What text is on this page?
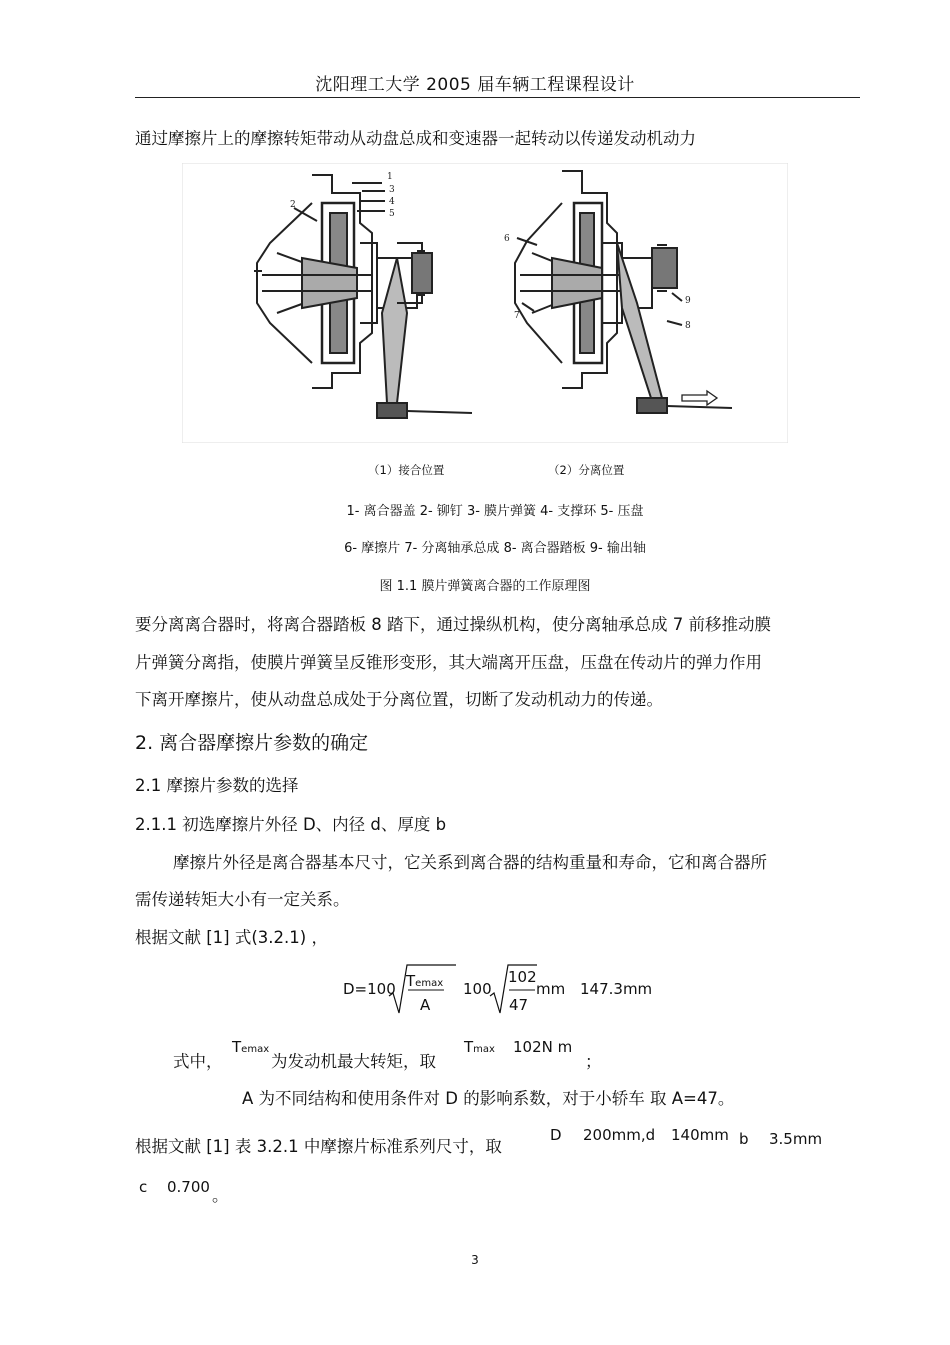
沈阳理工大学 2005 届车辆工程课程设计
通过摩擦片上的摩擦转矩带动从动盘总成和变速器一起转动以传递发动机动力
1
2
3
4
5
6
7
8
9
（1）接合位置	（2）分离位置
1- 离合器盖 2- 铆钉 3- 膜片弹簧 4- 支撑环 5- 压盘
6- 摩擦片 7- 分离轴承总成 8- 离合器踏板 9- 输出轴
图 1.1 膜片弹簧离合器的工作原理图
要分离离合器时，将离合器踏板 8 踏下，通过操纵机构，使分离轴承总成 7 前移推动膜
片弹簧分离指，使膜片弹簧呈反锥形变形，其大端离开压盘，压盘在传动片的弹力作用
下离开摩擦片，使从动盘总成处于分离位置，切断了发动机动力的传递。
2. 离合器摩擦片参数的确定
2.1 摩擦片参数的选择
2.1.1 初选摩擦片外径 D、内径 d、厚度 b
摩擦片外径是离合器基本尺寸，它关系到离合器的结构重量和寿命，它和离合器所
需传递转矩大小有一定关系。
根据文献 [1] 式(3.2.1) ，
D=100 Temax
A
100
102
47
mm 147.3mm
式中，
Temax
为发动机最大转矩，取
Tmax 102N m
；
A 为不同结构和使用条件对 D 的影响系数，对于小轿车 取 A=47。
根据文献 [1] 表 3.2.1 中摩擦片标准系列尺寸，取
D 200mm,d 140mm b 3.5mm
c 0.700 。
3
